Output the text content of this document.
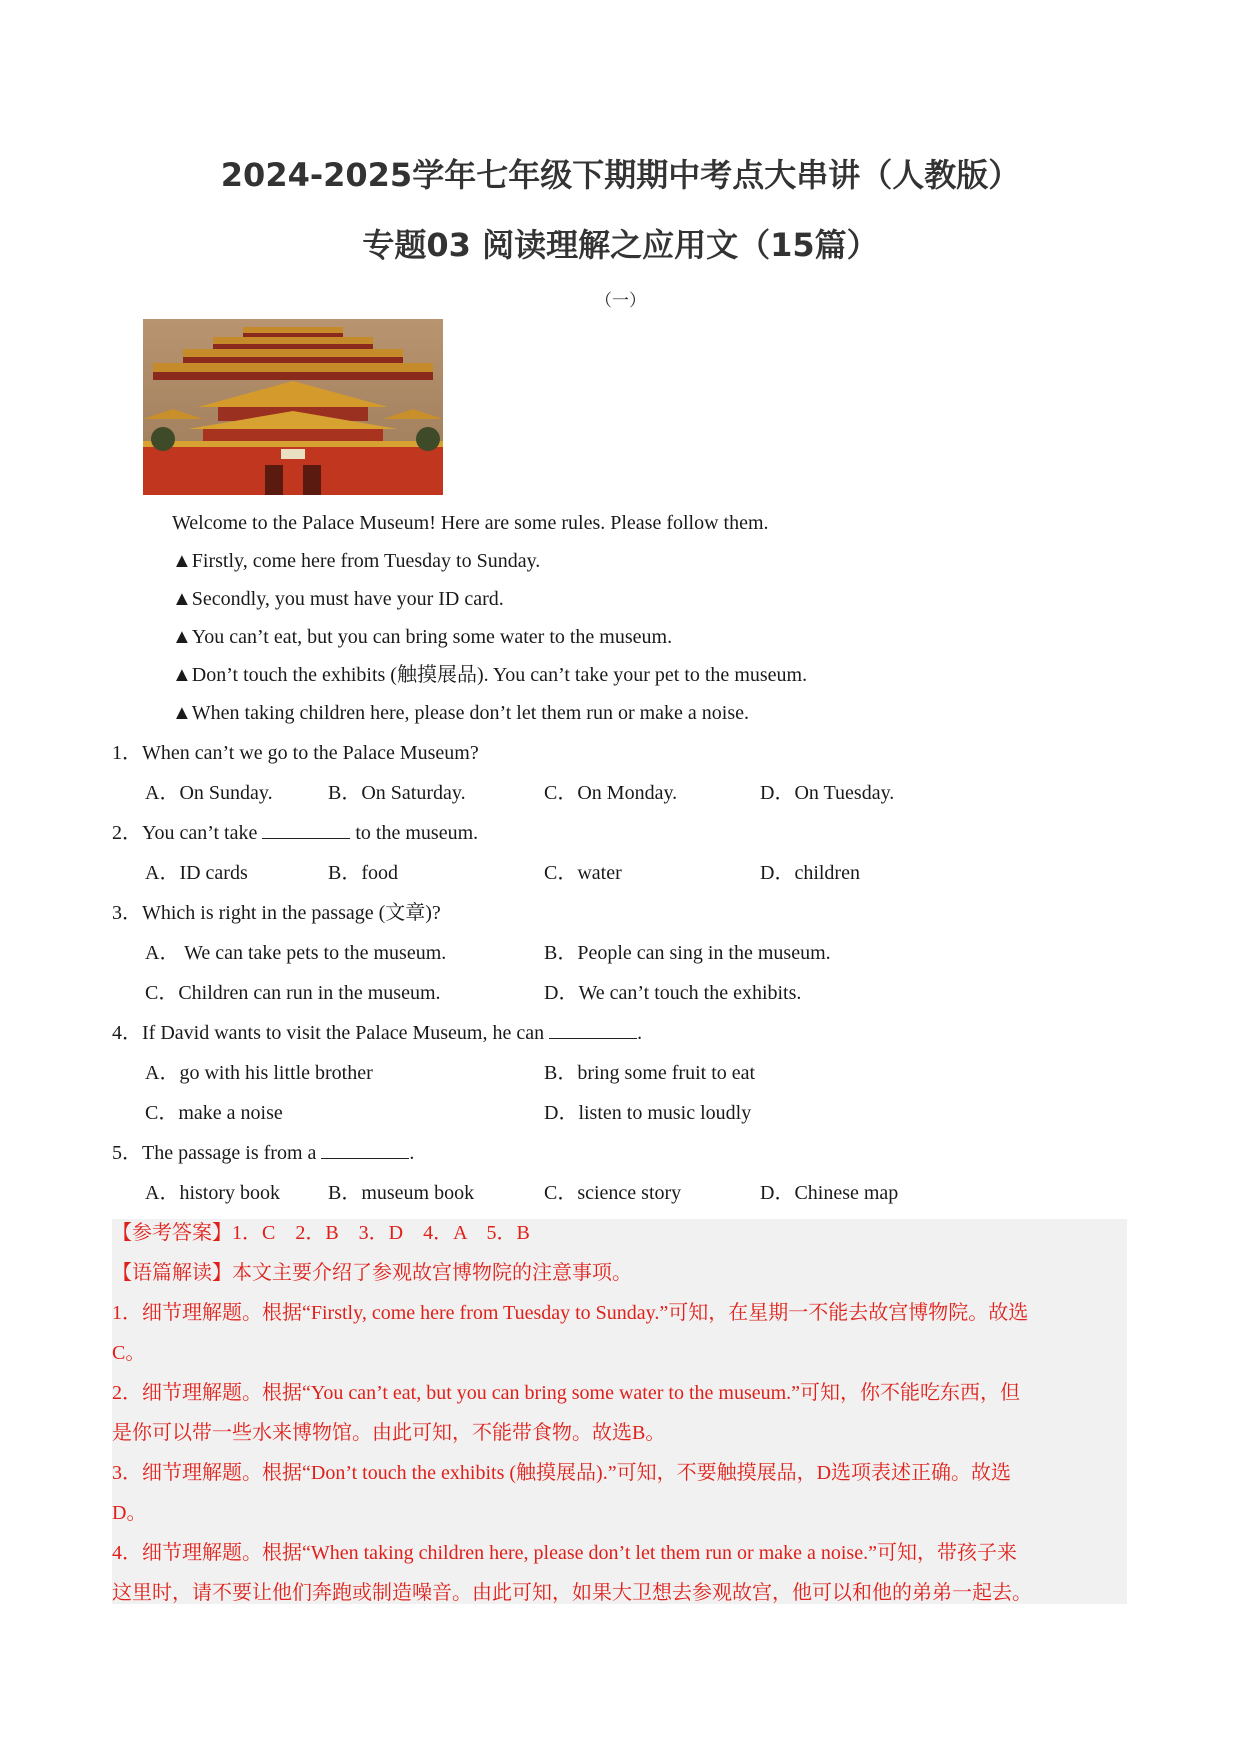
2024-2025学年七年级下期期中考点大串讲（人教版）
专题03 阅读理解之应用文（15篇）
（一）
Welcome to the Palace Museum! Here are some rules. Please follow them.
▲Firstly, come here from Tuesday to Sunday.
▲Secondly, you must have your ID card.
▲You can’t eat, but you can bring some water to the museum.
▲Don’t touch the exhibits (触摸展品). You can’t take your pet to the museum.
▲When taking children here, please don’t let them run or make a noise.
1．When can’t we go to the Palace Museum?
A．On Sunday.	B．On Saturday.	C．On Monday.	D．On Tuesday.
2．You can’t take	to the museum.
A．ID cards	B．food	C．water	D．children
3．Which is right in the passage (文章)?
A． We can take pets to the museum.	B．People can sing in the museum.
C．Children can run in the museum.	D．We can’t touch the exhibits.
4．If David wants to visit the Palace Museum, he can	.
A．go with his little brother	B．bring some fruit to eat
C．make a noise	D．listen to music loudly
5．The passage is from a	.
A．history book B．museum book	C．science story	D．Chinese map
【参考答案】1．C　2．B　3．D　4．A　5．B
【语篇解读】本文主要介绍了参观故宫博物院的注意事项。
1．细节理解题。根据“Firstly, come here from Tuesday to Sunday.”可知，在星期一不能去故宫博物院。故选
C。
2．细节理解题。根据“You can’t eat, but you can bring some water to the museum.”可知，你不能吃东西，但
是你可以带一些水来博物馆。由此可知，不能带食物。故选B。
3．细节理解题。根据“Don’t touch the exhibits (触摸展品).”可知，不要触摸展品，D选项表述正确。故选
D。
4．细节理解题。根据“When taking children here, please don’t let them run or make a noise.”可知，带孩子来
这里时，请不要让他们奔跑或制造噪音。由此可知，如果大卫想去参观故宫，他可以和他的弟弟一起去。
